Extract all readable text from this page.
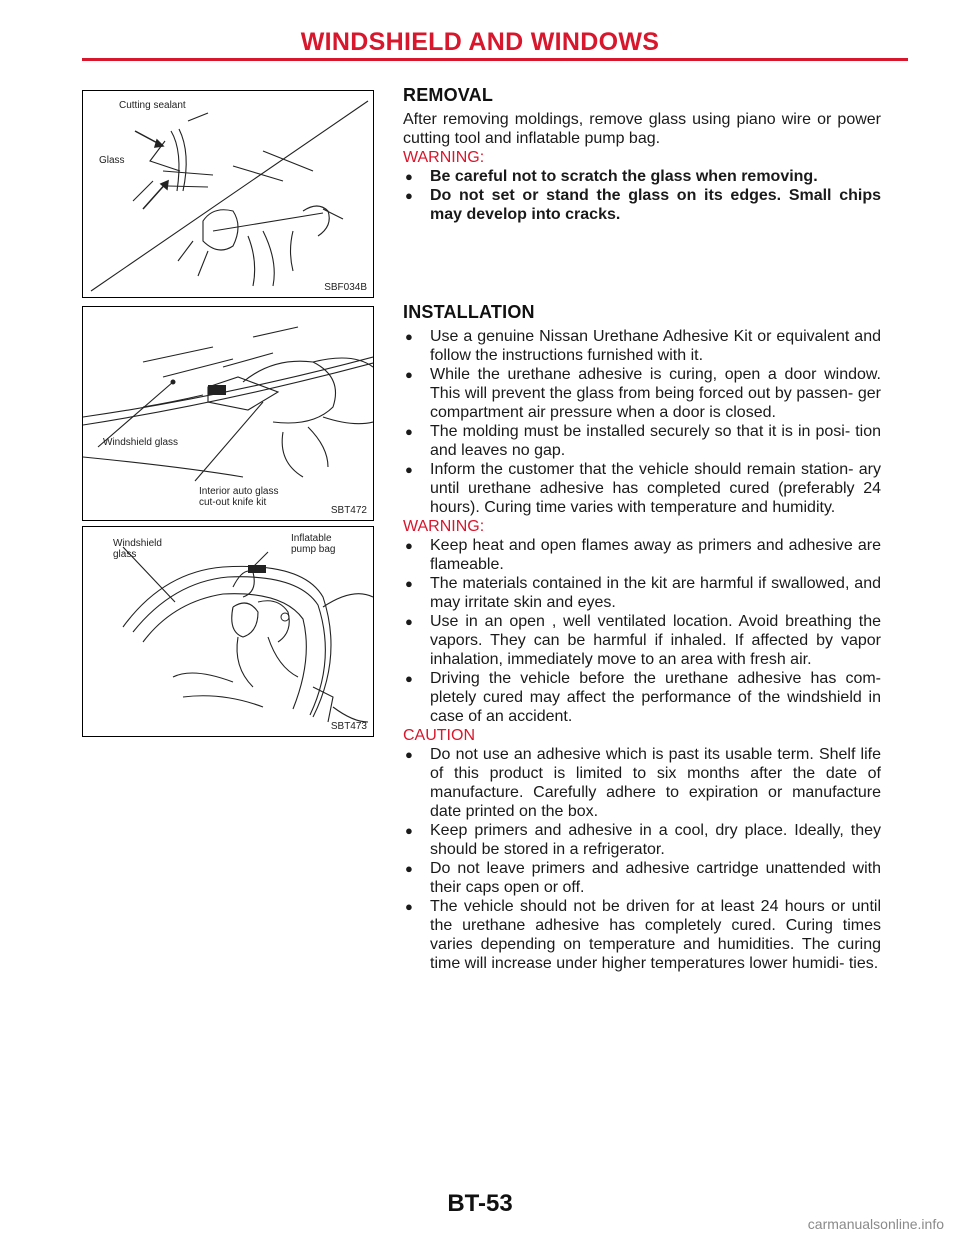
WINDSHIELD AND WINDOWS
Cutting sealant
Glass
SBF034B
Windshield glass
Interior auto glass
cut-out knife kit
SBT472
Windshield
glass
Inflatable
pump bag
SBT473
REMOVAL

After removing moldings, remove glass using piano wire or power cutting tool and inflatable pump bag.

WARNING:

● Be careful not to scratch the glass when removing.
● Do not set or stand the glass on its edges. Small chips may develop into cracks.
INSTALLATION
● Use a genuine Nissan Urethane Adhesive Kit or equivalent and follow the instructions furnished with it.
● While the urethane adhesive is curing, open a door window. This will prevent the glass from being forced out by passen- ger compartment air pressure when a door is closed.
● The molding must be installed securely so that it is in posi- tion and leaves no gap.
● Inform the customer that the vehicle should remain station- ary until urethane adhesive has completed cured (preferably 24 hours). Curing time varies with temperature and humidity.

WARNING:

● Keep heat and open flames away as primers and adhesive are flameable.
● The materials contained in the kit are harmful if swallowed, and may irritate skin and eyes.
● Use in an open , well ventilated location. Avoid breathing the vapors. They can be harmful if inhaled. If affected by vapor inhalation, immediately move to an area with fresh air.
● Driving the vehicle before the urethane adhesive has com- pletely cured may affect the performance of the windshield in case of an accident.

CAUTION

● Do not use an adhesive which is past its usable term. Shelf life of this product is limited to six months after the date of manufacture. Carefully adhere to expiration or manufacture date printed on the box.
● Keep primers and adhesive in a cool, dry place. Ideally, they should be stored in a refrigerator.
● Do not leave primers and adhesive cartridge unattended with their caps open or off.
● The vehicle should not be driven for at least 24 hours or until the urethane adhesive has completely cured. Curing times varies depending on temperature and humidities. The curing time will increase under higher temperatures lower humidi- ties.
BT-53
carmanualsonline.info
